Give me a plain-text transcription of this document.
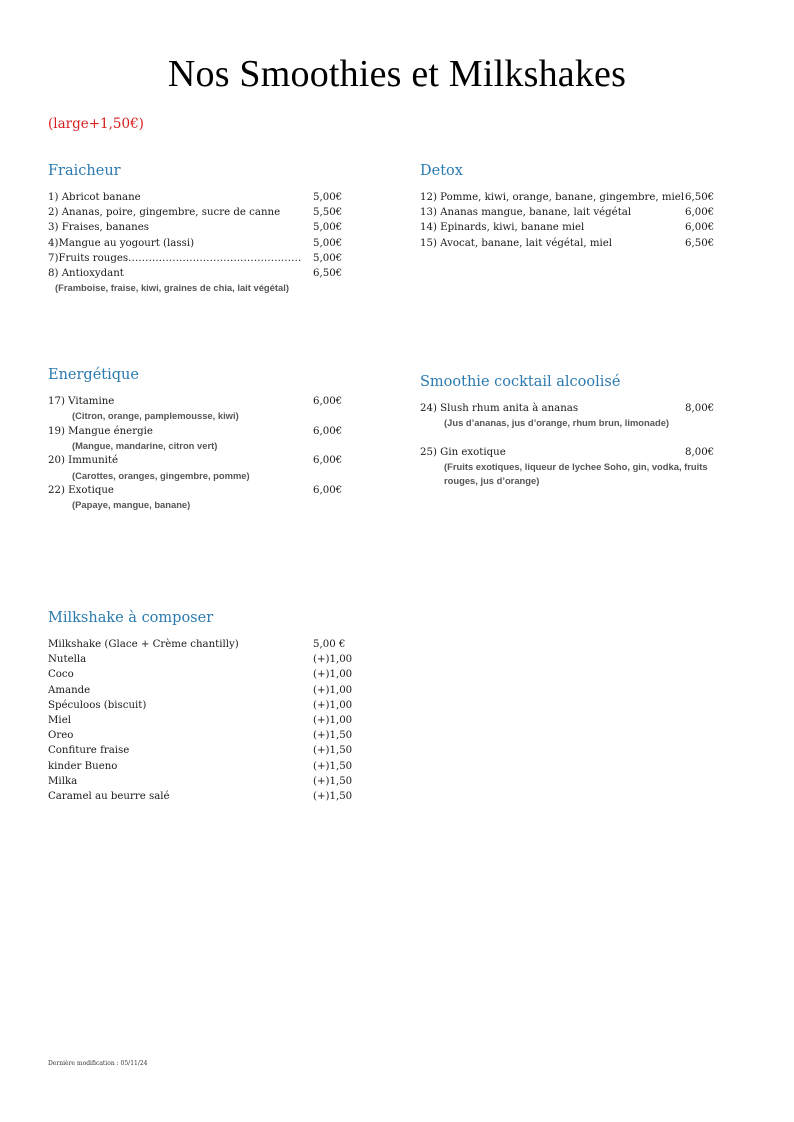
Nos Smoothies et Milkshakes
(large+1,50€)
Fraicheur
1) Abricot banane	5,00€
2) Ananas, poire, gingembre, sucre de canne	5,50€
3) Fraises, bananes	5,00€
4)Mangue au yogourt (lassi)	5,00€
7)Fruits rouges……………………………………………	5,00€
8) Antioxydant	6,50€
(Framboise, fraise, kiwi, graines de chia, lait végétal)
Detox
12) Pomme, kiwi, orange, banane, gingembre, miel 6,50€
13) Ananas mangue, banane, lait végétal	6,00€
14) Epinards, kiwi, banane miel	6,00€
15) Avocat, banane, lait végétal, miel	6,50€
Energétique
17) Vitamine	6,00€
(Citron, orange, pamplemousse, kiwi)
19) Mangue énergie	6,00€
(Mangue, mandarine, citron vert)
20) Immunité	6,00€
(Carottes, oranges, gingembre, pomme)
22) Exotique	6,00€
(Papaye, mangue, banane)
Smoothie cocktail alcoolisé
24) Slush rhum anita à ananas	8,00€
(Jus d’ananas, jus d’orange, rhum brun, limonade)
25) Gin exotique	8,00€
(Fruits exotiques, liqueur de lychee Soho, gin, vodka, fruits
rouges, jus d’orange)
Milkshake à composer
Milkshake (Glace + Crème chantilly)	5,00 €
Nutella	(+)1,00
Coco	(+)1,00
Amande	(+)1,00
Spéculoos (biscuit)	(+)1,00
Miel	(+)1,00
Oreo	(+)1,50
Confiture fraise	(+)1,50
kinder Bueno	(+)1,50
Milka	(+)1,50
Caramel au beurre salé	(+)1,50
Dernière modification : 05/11/24
